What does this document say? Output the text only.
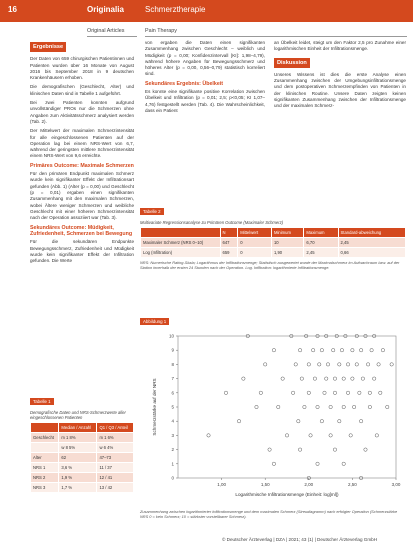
16	Originalia	Schmerztherapie
Original Articles	Pain Therapy
Ergebnisse

Der Daten von 659 chirurgischen Patientinnen und Patienten wurden über 16 Monate von August 2016 bis September 2018 in 9 deutschen Krankenhäusern erhoben.

Die demografischen (Geschlecht, Alter) und klinischen Daten sind in Tabelle 1 aufgeführt.

Bei zwei Patienten konnten aufgrund unvollständiger PROs nur die Schmerzen ohne Angaben zum Aktivitätsschmerz analysiert werden (Tab. 2).

Der Mittelwert der maximalen Schmerzintensität für alle eingeschlossenen Patienten auf der Operation lag bei einem NRS-Wert von 6,7, während der geringsten mittlere Schmerzintensität einem NRS-Wert von 9,6 erreichte.

Primäres Outcome: Maximale Schmerzen

Für den primären Endpunkt maximalen Schmerz wurde kein signifikanter Effekt der Infiltrationsart gefunden (Abb. 1) (Alter (p = 0,00) und Geschlecht (p = 0,01) ergaben einen signifikanten Zusammenhang mit den maximalen Schmerzen, wobei Ältere weniger Schmerzen und weibliche Geschlecht mit einer höheren Schmerzintensität nach der Operation assoziiert war (Tab. 3).

Sekundäres Outcome: Müdigkeit, Zufriedenheit, Schmerzen bei Bewegung

Für die sekundären Endpunkte Bewegungsschmerz, Zufriedenheit und Müdigkeit wurde kein signifikanter Effekt der Infiltration gefunden. Die Werte

Tabelle 1
Demografische Daten und NRS-Schmerzwerte aller eingeschlossenen Patienten
	Median / Anzahl	Q1 / Q3 / Anteil
Geschlecht	m 1 8%	m 1 6%
	w 8 5%	w 6 4%
Alter	62	47–73
NRS 1	3,6 %	11 / 37
NRS 2	1,9 %	12 / 41
NRS 3	1,7 %	13 / 42

von ergaben die Daten einen signifikanten Zusammenhang zwischen Geschlecht – weiblich und Müdigkeit (p = 0,00; Konfidenzintervall [KI]: 1,98–4,79), während höhere Angaben für Bewegungsschmerz und höheres Alter (p = 0,00, 0,56–0,79) statistisch korreliert sind.

Sekundäres Ergebnis: Übelkeit

Es konnte eine signifikante positive Korrelation zwischen Übelkeit und Infiltration (p = 0,01; 2,5; p<0,05; KI 1,07–4,76) festgestellt werden (Tab. 4). Die Wahrscheinlichkeit, dass ein Patient

an Übelkeit leidet, steigt um den Faktor 2,5 pro Zunahme einer logarithmischen Einheit der Infiltrationsmenge.

Diskussion

Unseres Wissens ist dies die erste Analyse einen Zusammenhang zwischen der Umgebungsinfiltrationsmenge und dem postoperativen Schmerzempfinden von Patienten in der klinischen Routine. Unsere Daten zeigten keinen signifikanten Zusammenhang zwischen der Infiltrationsmenge und der maximalen Schmerz-

Tabelle 2
Multivariate Regressionsanalyse zu Primären Outcome (Maximaler Schmerz)
	N	Mittelwert	Minimum	Maximum	Standard-abweichung
Maximaler Schmerz (NRS 0–10)	647	0	10	6,70	2,45
Log (Infiltration)	659	0	1,90	2,45	0,66
NRS: Numerische Rating-Skala; Logarithmus der Infiltrationsmenge; Statistisch ausgewertet wurde der Maximalschmerz im Aufwachraum bzw. auf der Station innerhalb der ersten 24 Stunden nach der Operation. Log. Infiltration: logarithmierte Infiltrationsmenge.
Abbildung 1
0
1
2
3
4
5
6
7
8
9
10
1,00	1,50	2,00	2,50	3,00
Schmerzstärke auf der NRS
Logarithmische Infiltrationsmenge (Einheit: log[ml])
Zusammenhang zwischen logarithmierter Infiltrationsmenge und dem maximalen Schmerz (Streudiagramm) nach erfolgter Operation (Schmerzstärke NRS 0 = kein Schmerz; 10 = stärkster vorstellbarer Schmerz).
© Deutscher Ärzteverlag | DZA | 2021; 43 (1) | Deutscher Ärzteverlag GmbH
